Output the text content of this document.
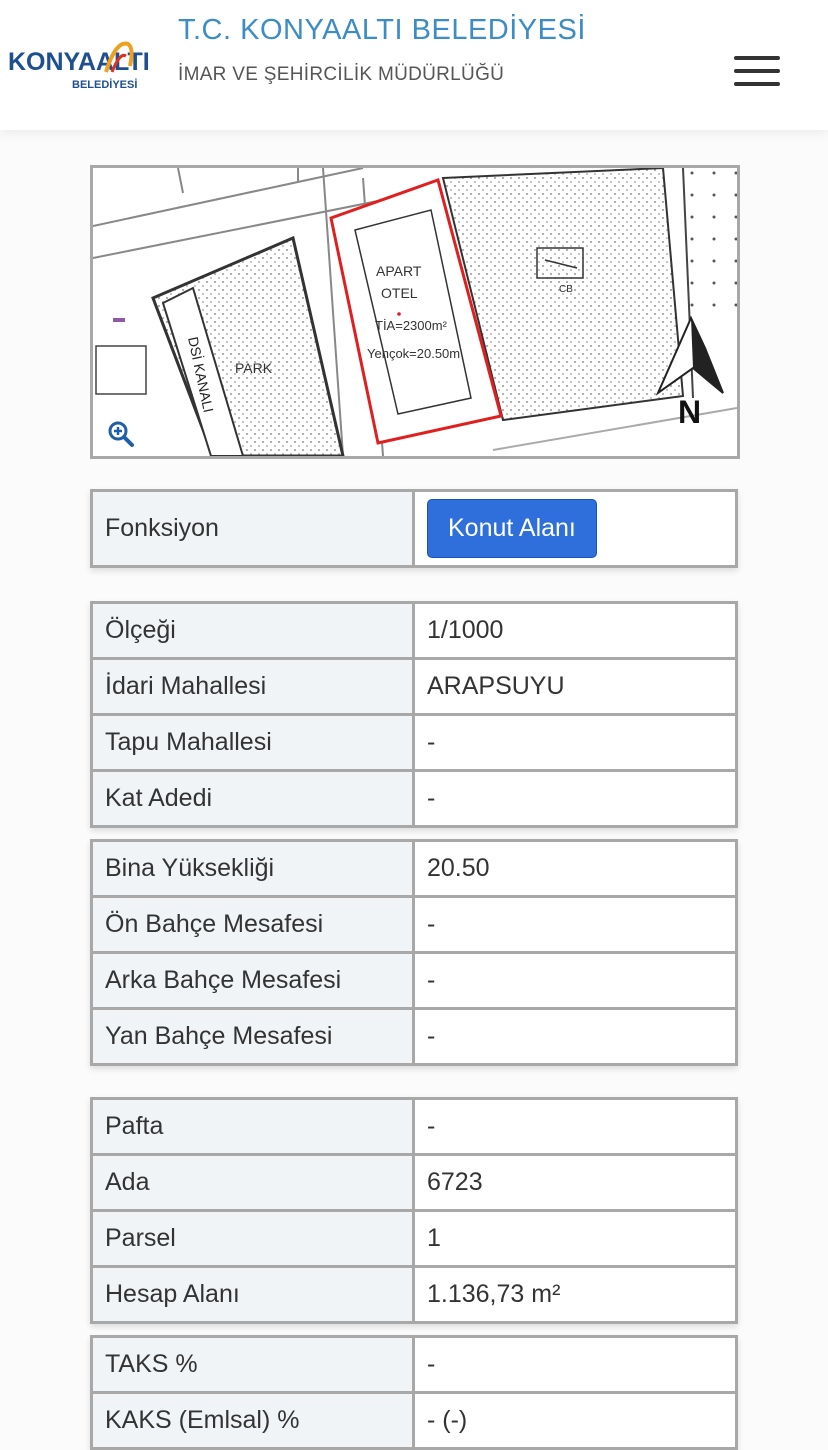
KONYAALTI
BELEDİYESİ
T.C. KONYAALTI BELEDİYESİ
İMAR VE ŞEHİRCİLİK MÜDÜRLÜĞÜ
DSİ KANALI PARK
CB
APART
OTEL
TİA=2300m²
Yençok=20.50m
N
Fonksiyon	Konut Alanı
Ölçeği	1/1000
İdari Mahallesi	ARAPSUYU
Tapu Mahallesi	-
Kat Adedi	-
Bina Yüksekliği	20.50
Ön Bahçe Mesafesi	-
Arka Bahçe Mesafesi	-
Yan Bahçe Mesafesi	-
Pafta	-
Ada	6723
Parsel	1
Hesap Alanı	1.136,73 m²
TAKS %	-
KAKS (Emlsal) %	- (-)
